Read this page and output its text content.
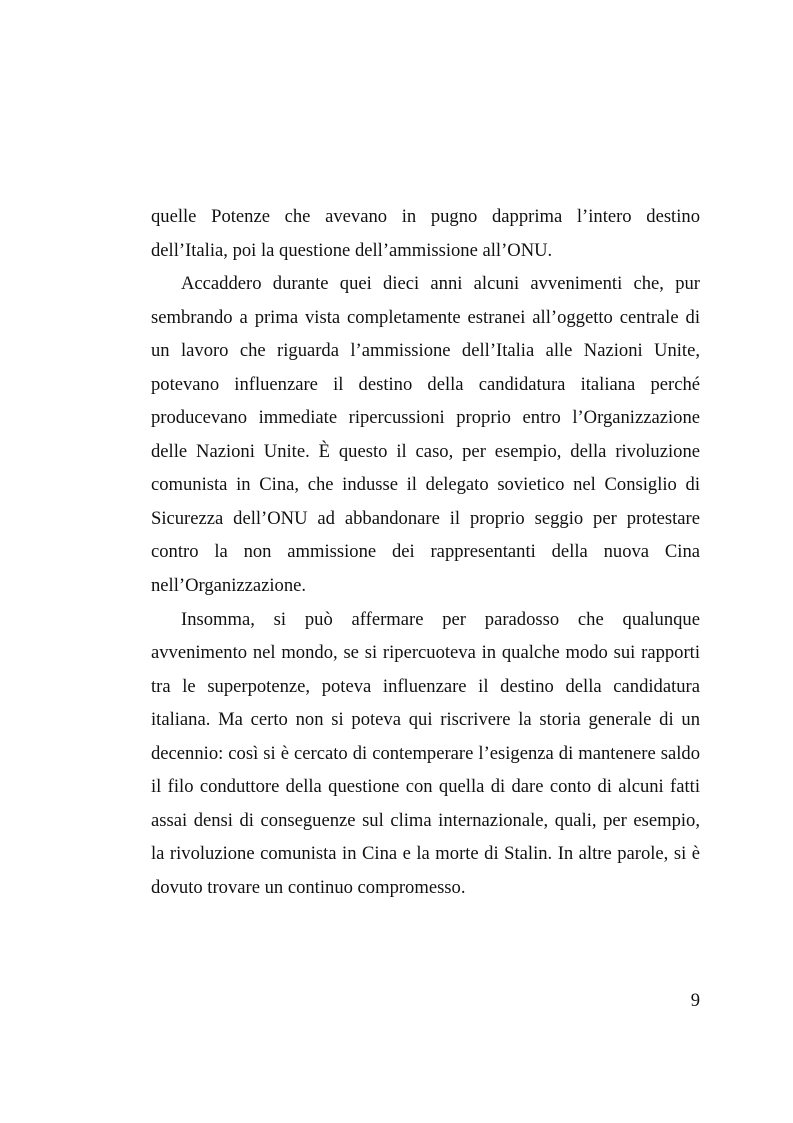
quelle Potenze che avevano in pugno dapprima l’intero destino dell’Italia, poi la questione dell’ammissione all’ONU.

Accaddero durante quei dieci anni alcuni avvenimenti che, pur sembrando a prima vista completamente estranei all’oggetto centrale di un lavoro che riguarda l’ammissione dell’Italia alle Nazioni Unite, potevano influenzare il destino della candidatura italiana perché producevano immediate ripercussioni proprio entro l’Organizzazione delle Nazioni Unite. È questo il caso, per esempio, della rivoluzione comunista in Cina, che indusse il delegato sovietico nel Consiglio di Sicurezza dell’ONU ad abbandonare il proprio seggio per protestare contro la non ammissione dei rappresentanti della nuova Cina nell’Organizzazione.

Insomma, si può affermare per paradosso che qualunque avvenimento nel mondo, se si ripercuoteva in qualche modo sui rapporti tra le superpotenze, poteva influenzare il destino della candidatura italiana. Ma certo non si poteva qui riscrivere la storia generale di un decennio: così si è cercato di contemperare l’esigenza di mantenere saldo il filo conduttore della questione con quella di dare conto di alcuni fatti assai densi di conseguenze sul clima internazionale, quali, per esempio, la rivoluzione comunista in Cina e la morte di Stalin. In altre parole, si è dovuto trovare un continuo compromesso.

9
